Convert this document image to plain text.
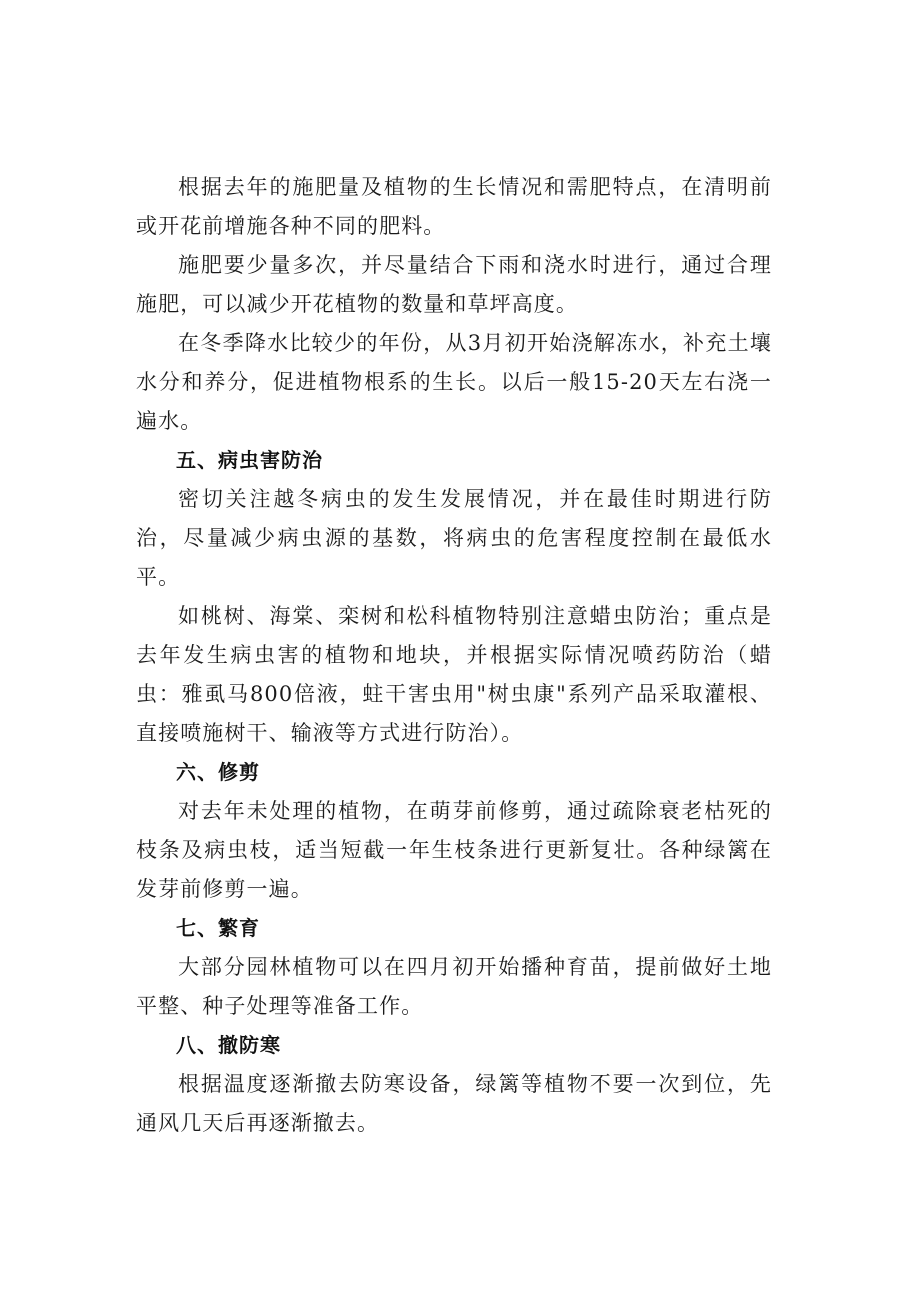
根据去年的施肥量及植物的生长情况和需肥特点，在清明前或开花前增施各种不同的肥料。

施肥要少量多次，并尽量结合下雨和浇水时进行，通过合理施肥，可以减少开花植物的数量和草坪高度。

在冬季降水比较少的年份，从3月初开始浇解冻水，补充土壤水分和养分，促进植物根系的生长。以后一般15-20天左右浇一遍水。

五、病虫害防治

密切关注越冬病虫的发生发展情况，并在最佳时期进行防治，尽量减少病虫源的基数，将病虫的危害程度控制在最低水平。

如桃树、海棠、栾树和松科植物特别注意蜡虫防治；重点是去年发生病虫害的植物和地块，并根据实际情况喷药防治（蜡虫：雅虱马800倍液，蛀干害虫用"树虫康"系列产品采取灌根、直接喷施树干、输液等方式进行防治）。

六、修剪

对去年未处理的植物，在萌芽前修剪，通过疏除衰老枯死的枝条及病虫枝，适当短截一年生枝条进行更新复壮。各种绿篱在发芽前修剪一遍。

七、繁育

大部分园林植物可以在四月初开始播种育苗，提前做好土地平整、种子处理等准备工作。

八、撤防寒

根据温度逐渐撤去防寒设备，绿篱等植物不要一次到位，先通风几天后再逐渐撤去。
